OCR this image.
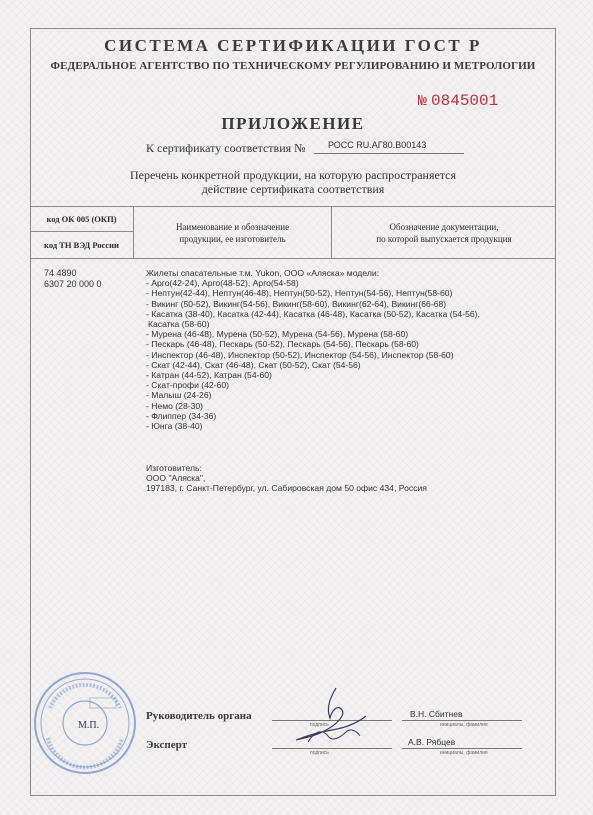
СИСТЕМА СЕРТИФИКАЦИИ ГОСТ Р
ФЕДЕРАЛЬНОЕ АГЕНТСТВО ПО ТЕХНИЧЕСКОМУ РЕГУЛИРОВАНИЮ И МЕТРОЛОГИИ
№ 0845001
ПРИЛОЖЕНИЕ
К сертификату соответствия №	РОСС RU.АГ80.В00143
Перечень конкретной продукции, на которую распространяется
действие сертификата соответствия
код ОК 005 (ОКП)
код ТН ВЭД России
Наименование и обозначение
продукции, ее изготовитель
Обозначение документации,
по которой выпускается продукция
74 4890
6307 20 000 0
Жилеты спасательные т.м. Yukon, ООО «Аляска» модели:
- Арго(42-24), Арго(48-52), Арго(54-58)
- Нептун(42-44), Нептун(46-48), Нептун(50-52), Нептун(54-56), Нептун(58-60)
- Викинг (50-52), Викинг(54-56), Викинг(58-60), Викинг(62-64), Викинг(66-68)
- Касатка (38-40), Касатка (42-44), Касатка (46-48), Касатка (50-52), Касатка (54-56),
Касатка (58-60)
- Мурена (46-48), Мурена (50-52), Мурена (54-56), Мурена (58-60)
- Пескарь (46-48), Пескарь (50-52), Пескарь (54-56), Пескарь (58-60)
- Инспектор (46-48), Инспектор (50-52), Инспектор (54-56), Инспектор (58-60)
- Скат (42-44), Скат (46-48), Скат (50-52), Скат (54-56)
- Катран (44-52), Катран (54-60)
- Скат-профи (42-60)
- Малыш (24-26)
- Немо (28-30)
- Флиппер (34-36)
- Юнга (38-40)
Изготовитель:
ООО "Аляска",
197183, г. Санкт-Петербург, ул. Сабировская дом 50 офис 434, Россия
М.П.
Руководитель органа
подпись
В.Н. Сбитнев
инициалы, фамилия
Эксперт
подпись
А.В. Рябцев
инициалы, фамилия
